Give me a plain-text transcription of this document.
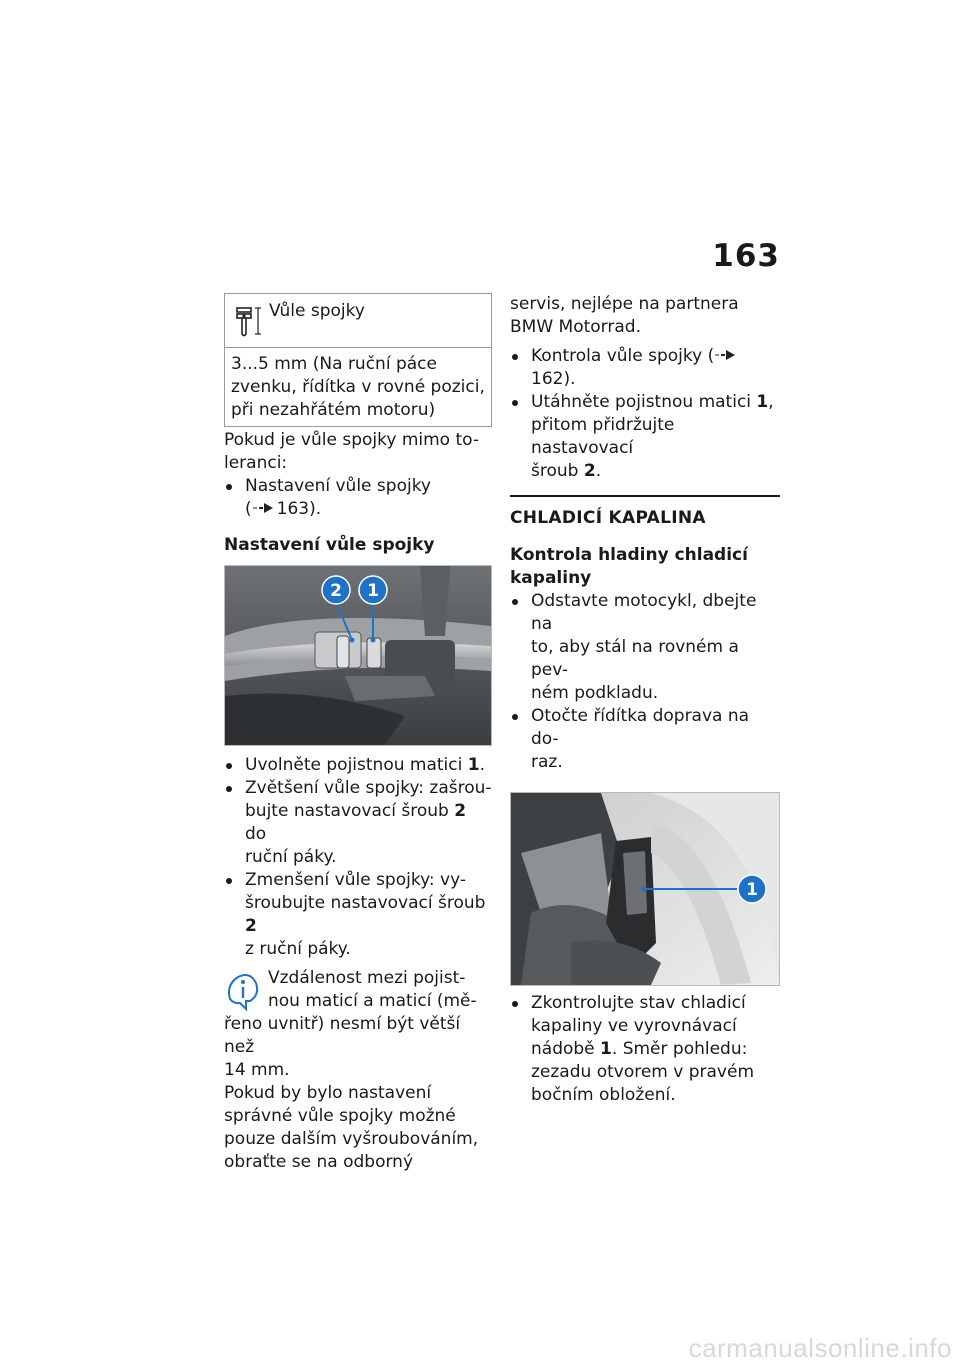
163
Vůle spojky
3...5 mm (Na ruční páce
zvenku, řídítka v rovné pozici,
při nezahřátém motoru)

Pokud je vůle spojky mimo to-
leranci:

Nastavení vůle spojky
( 163).

Nastavení vůle spojky

2 1
Uvolněte pojistnou matici 1.
Zvětšení vůle spojky: zašrou-
bujte nastavovací šroub 2 do
ruční páky.
Zmenšení vůle spojky: vy-
šroubujte nastavovací šroub 2
z ruční páky.
Vzdálenost mezi pojist-
nou maticí a maticí (mě-
řeno uvnitř) nesmí být větší než
14 mm.

Pokud by bylo nastavení
správné vůle spojky možné
pouze dalším vyšroubováním,
obraťte se na odborný

servis, nejlépe na partnera
BMW Motorrad.

Kontrola vůle spojky (162).
Utáhněte pojistnou matici 1,
přitom přidržujte nastavovací
šroub 2.

CHLADICÍ KAPALINA

Kontrola hladiny chladicí
kapaliny

Odstavte motocykl, dbejte na
to, aby stál na rovném a pev-
ném podkladu.
Otočte řídítka doprava na do-
raz.
1
Zkontrolujte stav chladicí
kapaliny ve vyrovnávací
nádobě 1. Směr pohledu:
zezadu otvorem v pravém
bočním obložení.
carmanualsonline.info
